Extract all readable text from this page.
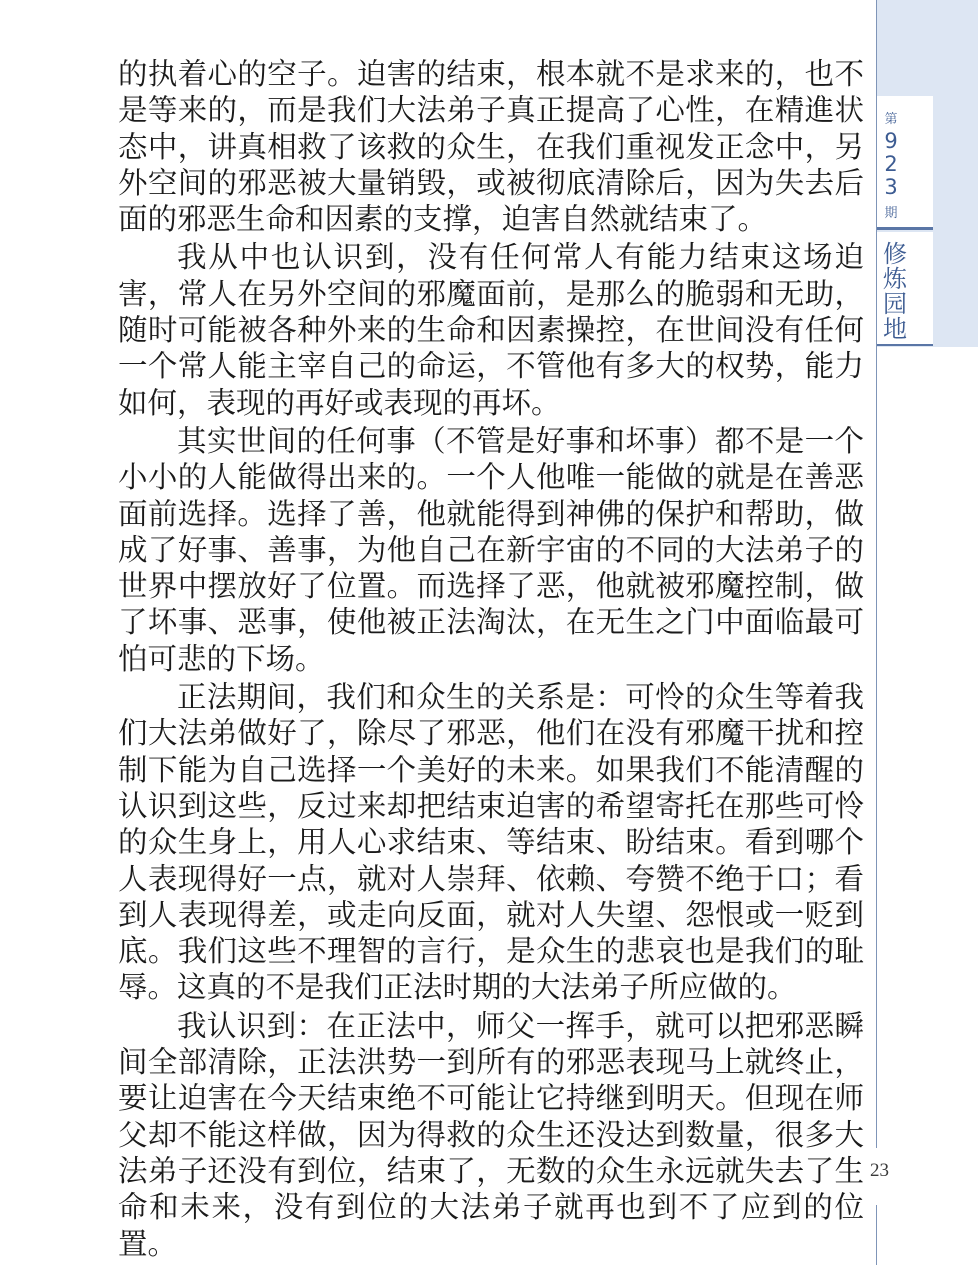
第
9
2
3
期
修
炼
园
地

的执着心的空子。迫害的结束，根本就不是求来的，也不是等来的，而是我们大法弟子真正提高了心性，在精進状态中，讲真相救了该救的众生，在我们重视发正念中，另外空间的邪恶被大量销毁，或被彻底清除后，因为失去后面的邪恶生命和因素的支撑，迫害自然就结束了。

我从中也认识到，没有任何常人有能力结束这场迫害，常人在另外空间的邪魔面前，是那么的脆弱和无助，随时可能被各种外来的生命和因素操控，在世间没有任何一个常人能主宰自己的命运，不管他有多大的权势，能力如何，表现的再好或表现的再坏。

其实世间的任何事（不管是好事和坏事）都不是一个小小的人能做得出来的。一个人他唯一能做的就是在善恶面前选择。选择了善，他就能得到神佛的保护和帮助，做成了好事、善事，为他自己在新宇宙的不同的大法弟子的世界中摆放好了位置。而选择了恶，他就被邪魔控制，做了坏事、恶事，使他被正法淘汰，在无生之门中面临最可怕可悲的下场。

正法期间，我们和众生的关系是：可怜的众生等着我们大法弟做好了，除尽了邪恶，他们在没有邪魔干扰和控制下能为自己选择一个美好的未来。如果我们不能清醒的认识到这些，反过来却把结束迫害的希望寄托在那些可怜的众生身上，用人心求结束、等结束、盼结束。看到哪个人表现得好一点，就对人崇拜、依赖、夸赞不绝于口；看到人表现得差，或走向反面，就对人失望、怨恨或一贬到底。我们这些不理智的言行，是众生的悲哀也是我们的耻辱。这真的不是我们正法时期的大法弟子所应做的。

我认识到：在正法中，师父一挥手，就可以把邪恶瞬间全部清除，正法洪势一到所有的邪恶表现马上就终止，要让迫害在今天结束绝不可能让它持继到明天。但现在师父却不能这样做，因为得救的众生还没达到数量，很多大法弟子还没有到位，结束了，无数的众生永远就失去了生命和未来，没有到位的大法弟子就再也到不了应到的位置。

23
